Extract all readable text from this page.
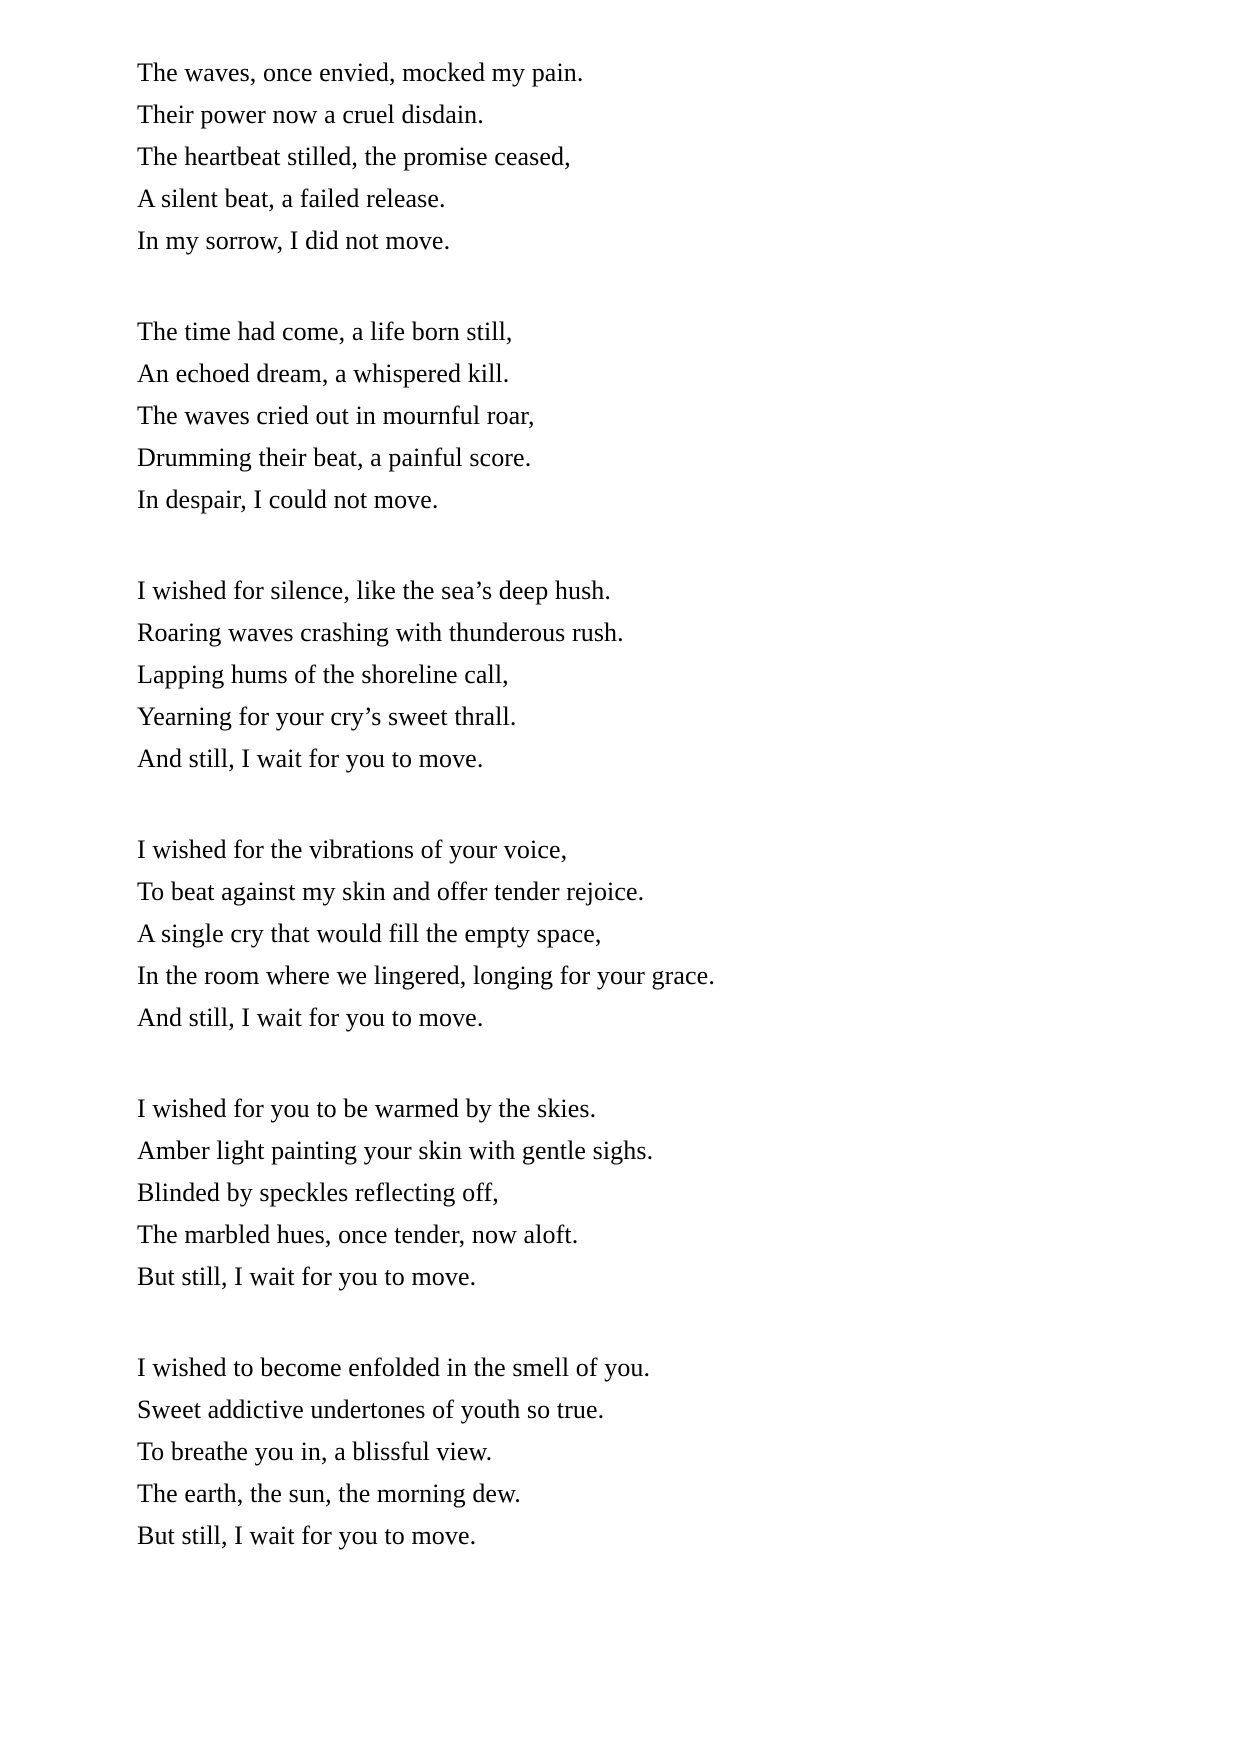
The waves, once envied, mocked my pain.

Their power now a cruel disdain.

The heartbeat stilled, the promise ceased,

A silent beat, a failed release.

In my sorrow, I did not move.

The time had come, a life born still,

An echoed dream, a whispered kill.

The waves cried out in mournful roar,

Drumming their beat, a painful score.

In despair, I could not move.

I wished for silence, like the sea’s deep hush.

Roaring waves crashing with thunderous rush.

Lapping hums of the shoreline call,

Yearning for your cry’s sweet thrall.

And still, I wait for you to move.

I wished for the vibrations of your voice,

To beat against my skin and offer tender rejoice.

A single cry that would fill the empty space,

In the room where we lingered, longing for your grace.

And still, I wait for you to move.

I wished for you to be warmed by the skies.

Amber light painting your skin with gentle sighs.

Blinded by speckles reflecting off,

The marbled hues, once tender, now aloft.

But still, I wait for you to move.

I wished to become enfolded in the smell of you.

Sweet addictive undertones of youth so true.

To breathe you in, a blissful view.

The earth, the sun, the morning dew.

But still, I wait for you to move.
